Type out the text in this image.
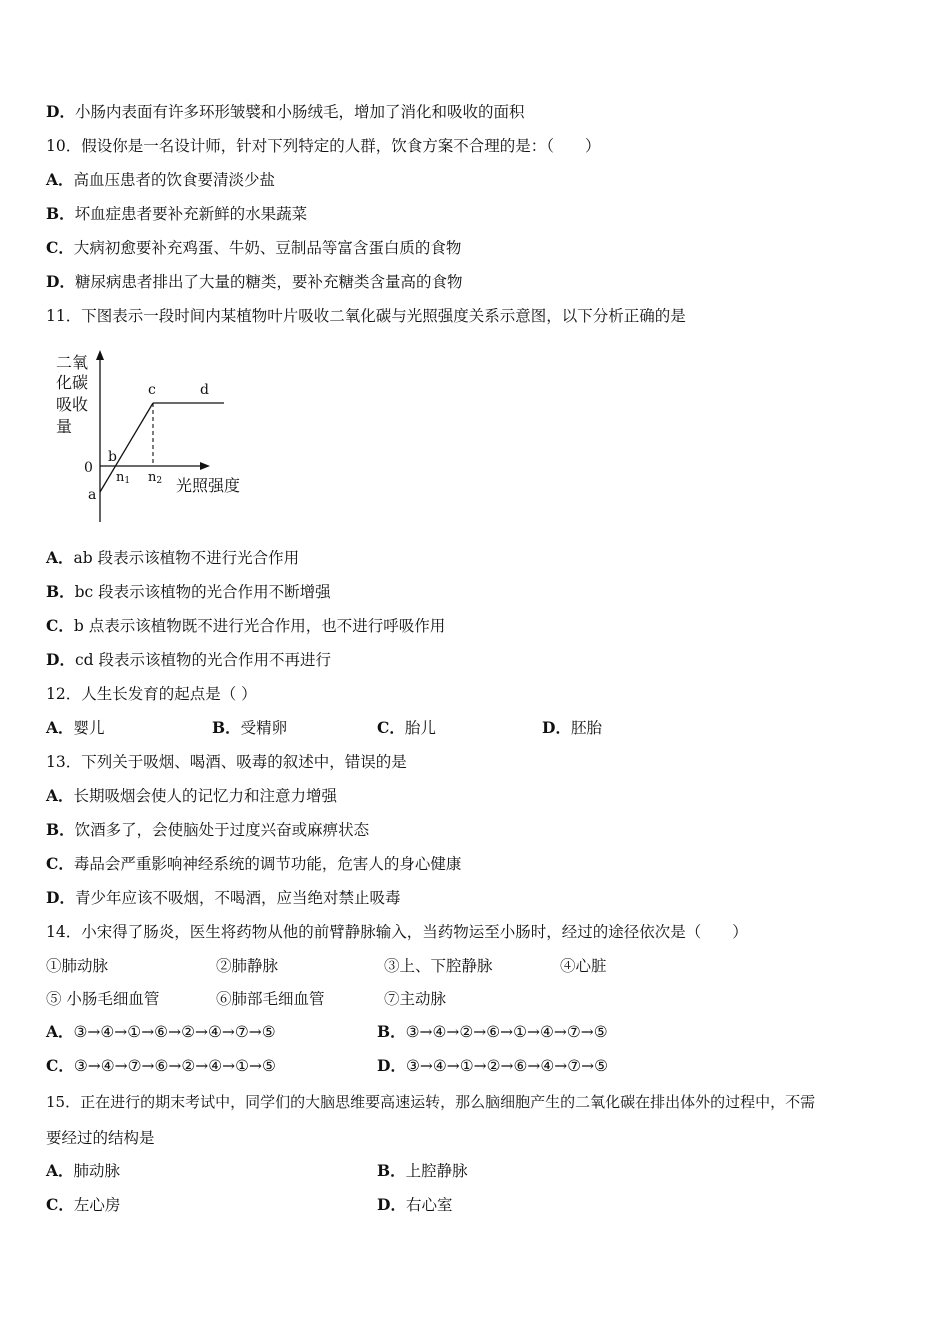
D．小肠内表面有许多环形皱襞和小肠绒毛，增加了消化和吸收的面积
10．假设你是一名设计师，针对下列特定的人群，饮食方案不合理的是：（　　）
A．高血压患者的饮食要清淡少盐
B．坏血症患者要补充新鲜的水果蔬菜
C．大病初愈要补充鸡蛋、牛奶、豆制品等富含蛋白质的食物
D．糖尿病患者排出了大量的糖类，要补充糖类含量高的食物
11．下图表示一段时间内某植物叶片吸收二氧化碳与光照强度关系示意图，以下分析正确的是
二氧
化碳
吸收
量
0
a
b
c	d
n1 n2 光照强度
A．ab 段表示该植物不进行光合作用
B．bc 段表示该植物的光合作用不断增强
C．b 点表示该植物既不进行光合作用，也不进行呼吸作用
D．cd 段表示该植物的光合作用不再进行
12．人生长发育的起点是（ ）
A．婴儿	B．受精卵	C．胎儿	D．胚胎
13．下列关于吸烟、喝酒、吸毒的叙述中，错误的是
A．长期吸烟会使人的记忆力和注意力增强
B．饮酒多了，会使脑处于过度兴奋或麻痹状态
C．毒品会严重影响神经系统的调节功能，危害人的身心健康
D．青少年应该不吸烟，不喝酒，应当绝对禁止吸毒
14．小宋得了肠炎，医生将药物从他的前臂静脉输入，当药物运至小肠时，经过的途径依次是（　　）
①肺动脉	②肺静脉	③上、下腔静脉	④心脏
⑤ 小肠毛细血管	⑥肺部毛细血管	⑦主动脉
A．③→④→①→⑥→②→④→⑦→⑤	B．③→④→②→⑥→①→④→⑦→⑤
C．③→④→⑦→⑥→②→④→①→⑤	D．③→④→①→②→⑥→④→⑦→⑤
15．正在进行的期末考试中，同学们的大脑思维要高速运转，那么脑细胞产生的二氧化碳在排出体外的过程中，不需
要经过的结构是
A．肺动脉	B．上腔静脉
C．左心房	D．右心室
